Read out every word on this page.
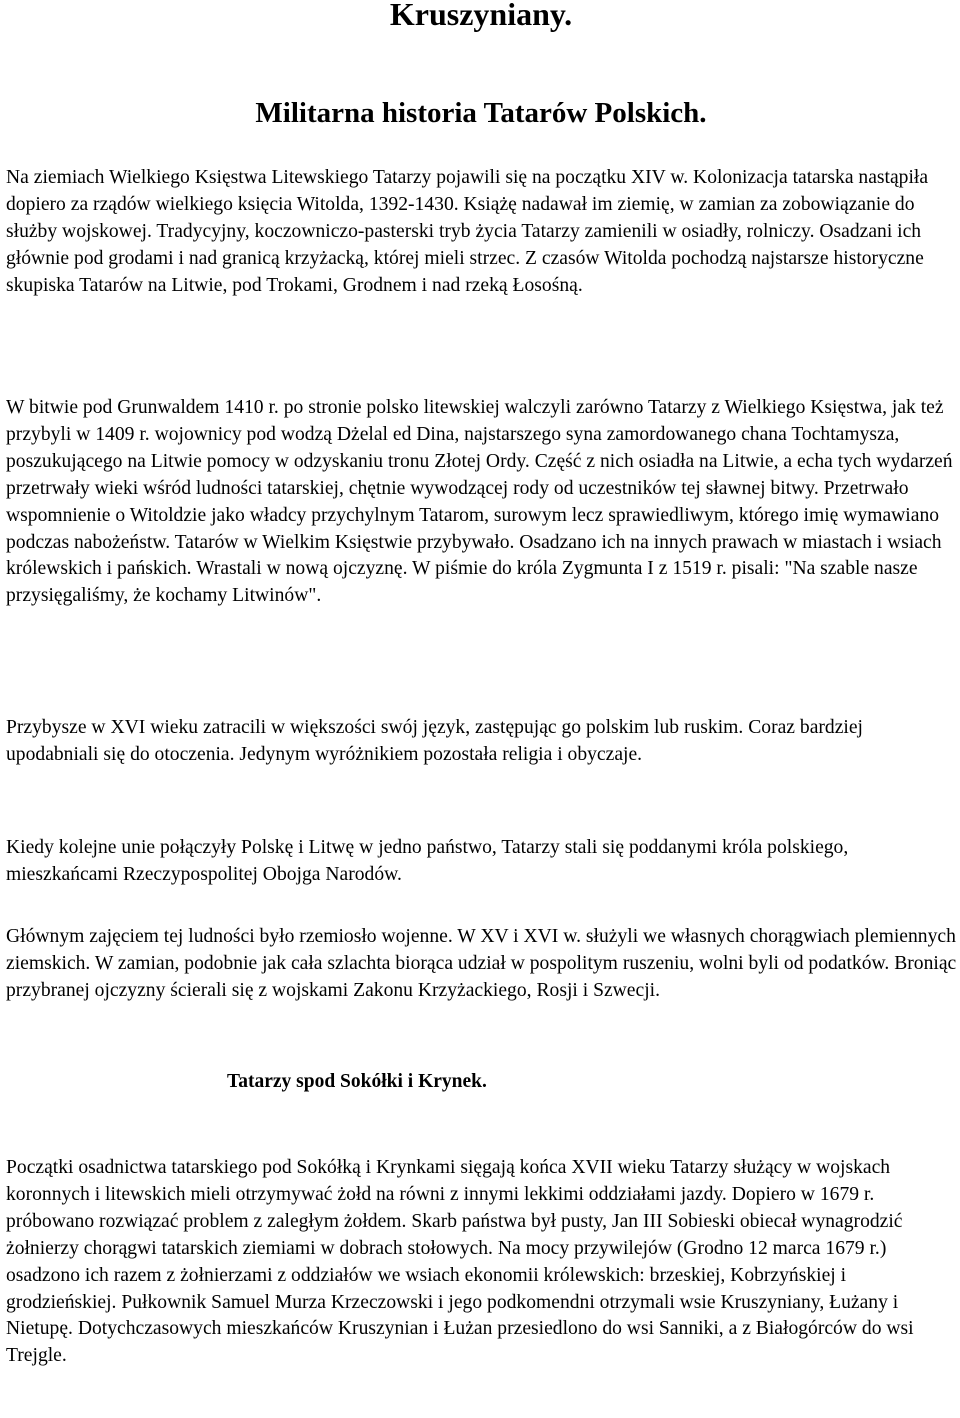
Kruszyniany.
Militarna historia Tatarów Polskich.

Na ziemiach Wielkiego Księstwa Litewskiego Tatarzy pojawili się na początku XIV w. Kolonizacja tatarska nastąpiła dopiero za rządów wielkiego księcia Witolda, 1392-1430. Książę nadawał im ziemię, w zamian za zobowiązanie do służby wojskowej. Tradycyjny, koczowniczo-pasterski tryb życia Tatarzy zamienili w osiadły, rolniczy. Osadzani ich głównie pod grodami i nad granicą krzyżacką, której mieli strzec. Z czasów Witolda pochodzą najstarsze historyczne skupiska Tatarów na Litwie, pod Trokami, Grodnem i nad rzeką Łosośną.

W bitwie pod Grunwaldem 1410 r. po stronie polsko litewskiej walczyli zarówno Tatarzy z Wielkiego Księstwa, jak też przybyli w 1409 r. wojownicy pod wodzą Dżelal ed Dina, najstarszego syna zamordowanego chana Tochtamysza, poszukującego na Litwie pomocy w odzyskaniu tronu Złotej Ordy. Część z nich osiadła na Litwie, a echa tych wydarzeń przetrwały wieki wśród ludności tatarskiej, chętnie wywodzącej rody od uczestników tej sławnej bitwy. Przetrwało wspomnienie o Witoldzie jako władcy przychylnym Tatarom, surowym lecz sprawiedliwym, którego imię wymawiano podczas nabożeństw. Tatarów w Wielkim Księstwie przybywało. Osadzano ich na innych prawach w miastach i wsiach królewskich i pańskich. Wrastali w nową ojczyznę. W piśmie do króla Zygmunta I z 1519 r. pisali: "Na szable nasze przysięgaliśmy, że kochamy Litwinów".

Przybysze w XVI wieku zatracili w większości swój język, zastępując go polskim lub ruskim. Coraz bardziej upodabniali się do otoczenia. Jedynym wyróżnikiem pozostała religia i obyczaje.

Kiedy kolejne unie połączyły Polskę i Litwę w jedno państwo, Tatarzy stali się poddanymi króla polskiego, mieszkańcami Rzeczypospolitej Obojga Narodów.

Głównym zajęciem tej ludności było rzemiosło wojenne. W XV i XVI w. służyli we własnych chorągwiach plemiennych ziemskich. W zamian, podobnie jak cała szlachta biorąca udział w pospolitym ruszeniu, wolni byli od podatków. Broniąc przybranej ojczyzny ścierali się z wojskami Zakonu Krzyżackiego, Rosji i Szwecji.

Tatarzy spod Sokółki i Krynek.

Początki osadnictwa tatarskiego pod Sokółką i Krynkami sięgają końca XVII wieku Tatarzy służący w wojskach koronnych i litewskich mieli otrzymywać żołd na równi z innymi lekkimi oddziałami jazdy. Dopiero w 1679 r. próbowano rozwiązać problem z zaległym żołdem. Skarb państwa był pusty, Jan III Sobieski obiecał wynagrodzić żołnierzy chorągwi tatarskich ziemiami w dobrach stołowych. Na mocy przywilejów (Grodno 12 marca 1679 r.) osadzono ich razem z żołnierzami z oddziałów we wsiach ekonomii królewskich: brzeskiej, Kobrzyńskiej i grodzieńskiej. Pułkownik Samuel Murza Krzeczowski i jego podkomendni otrzymali wsie Kruszyniany, Łużany i Nietupę. Dotychczasowych mieszkańców Kruszynian i Łużan przesiedlono do wsi Sanniki, a z Białogórców do wsi Trejgle.
